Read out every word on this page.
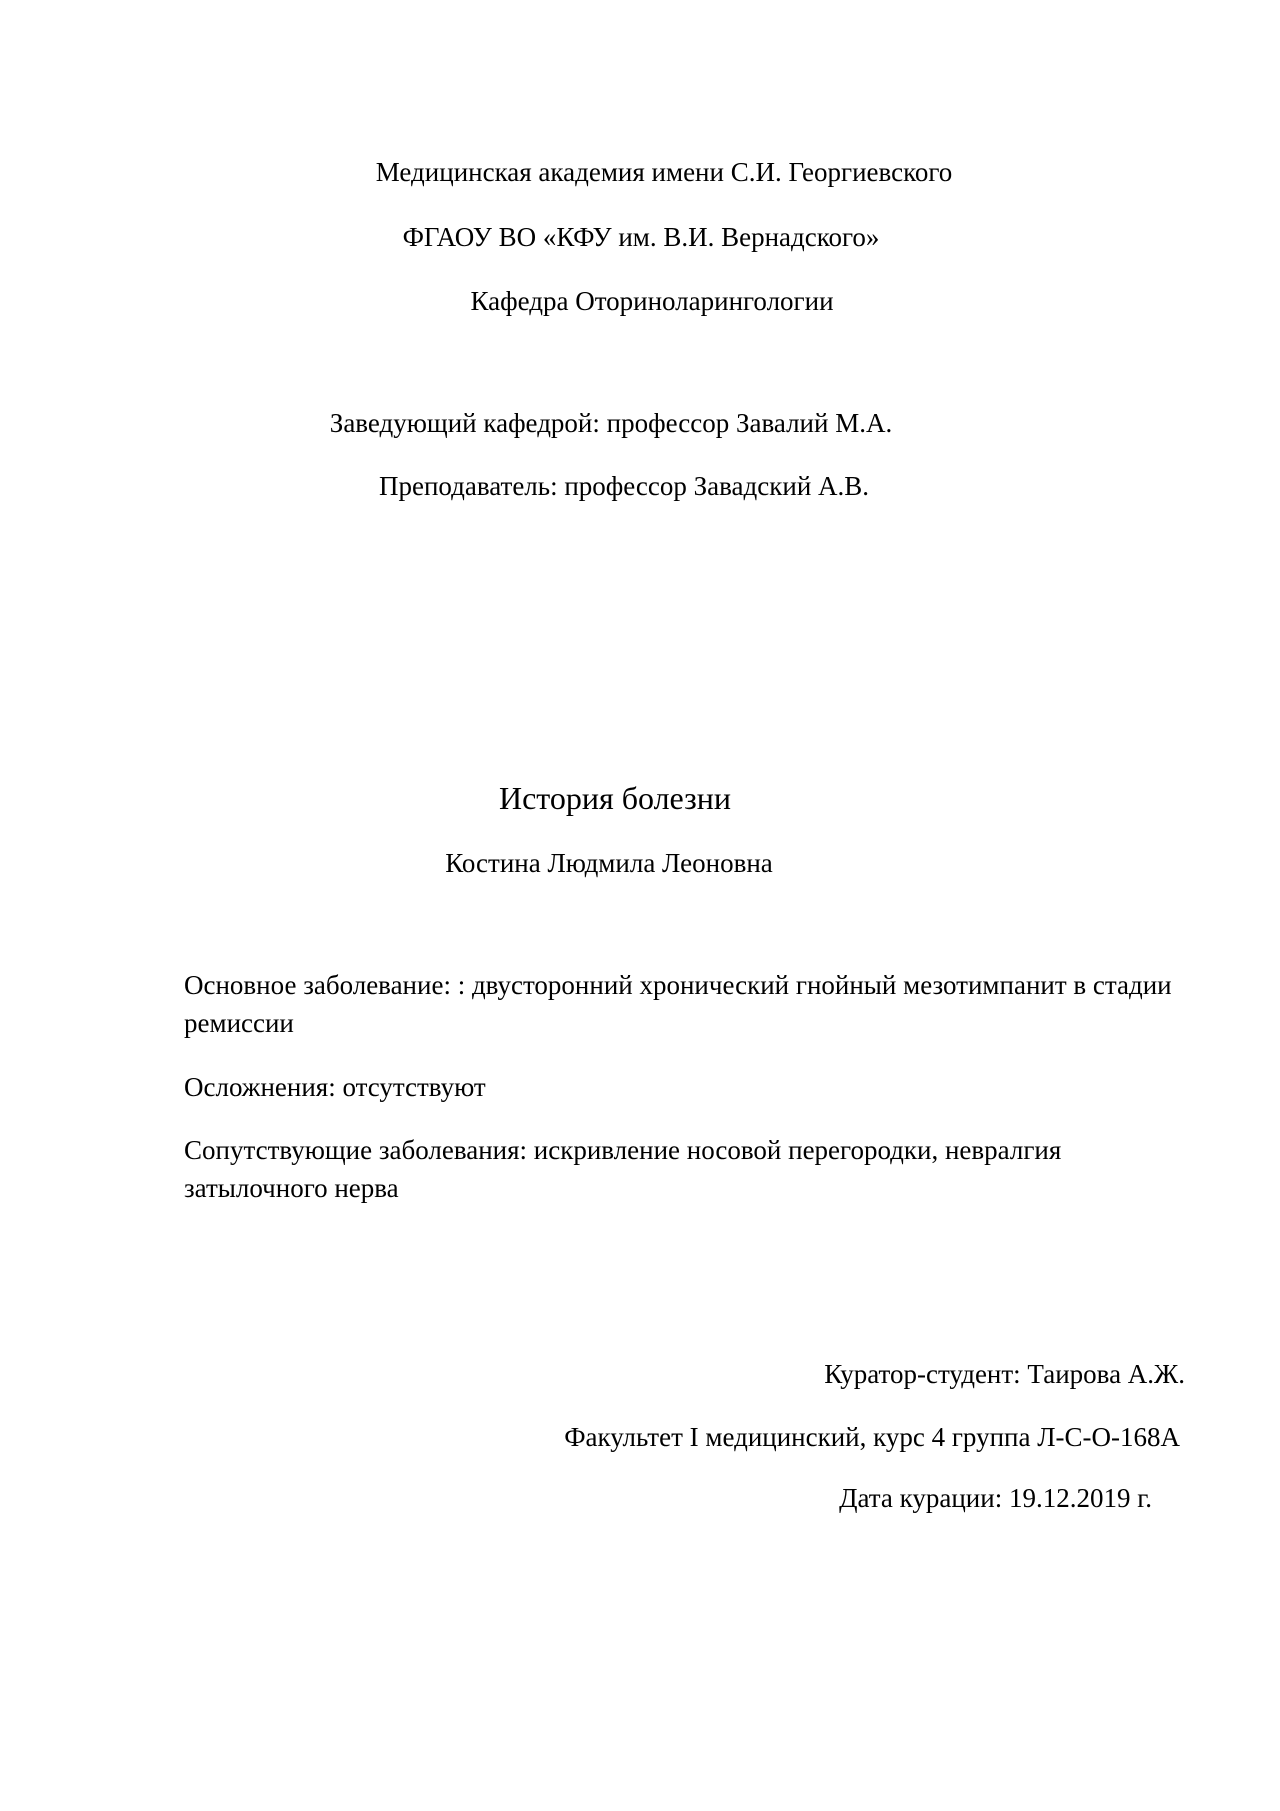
Медицинская академия имени С.И. Георгиевского
ФГАОУ ВО «КФУ им. В.И. Вернадского»
Кафедра Оториноларингологии
Заведующий кафедрой: профессор Завалий М.А.
Преподаватель: профессор Завадский А.В.
История болезни
Костина Людмила Леоновна
Основное заболевание: : двусторонний хронический гнойный мезотимпанит в стадии ремиссии
Осложнения: отсутствуют
Сопутствующие заболевания: искривление носовой перегородки, невралгия затылочного нерва
Куратор-студент: Таирова А.Ж.
Факультет I медицинский, курс 4 группа Л-С-О-168А
Дата курации: 19.12.2019 г.
